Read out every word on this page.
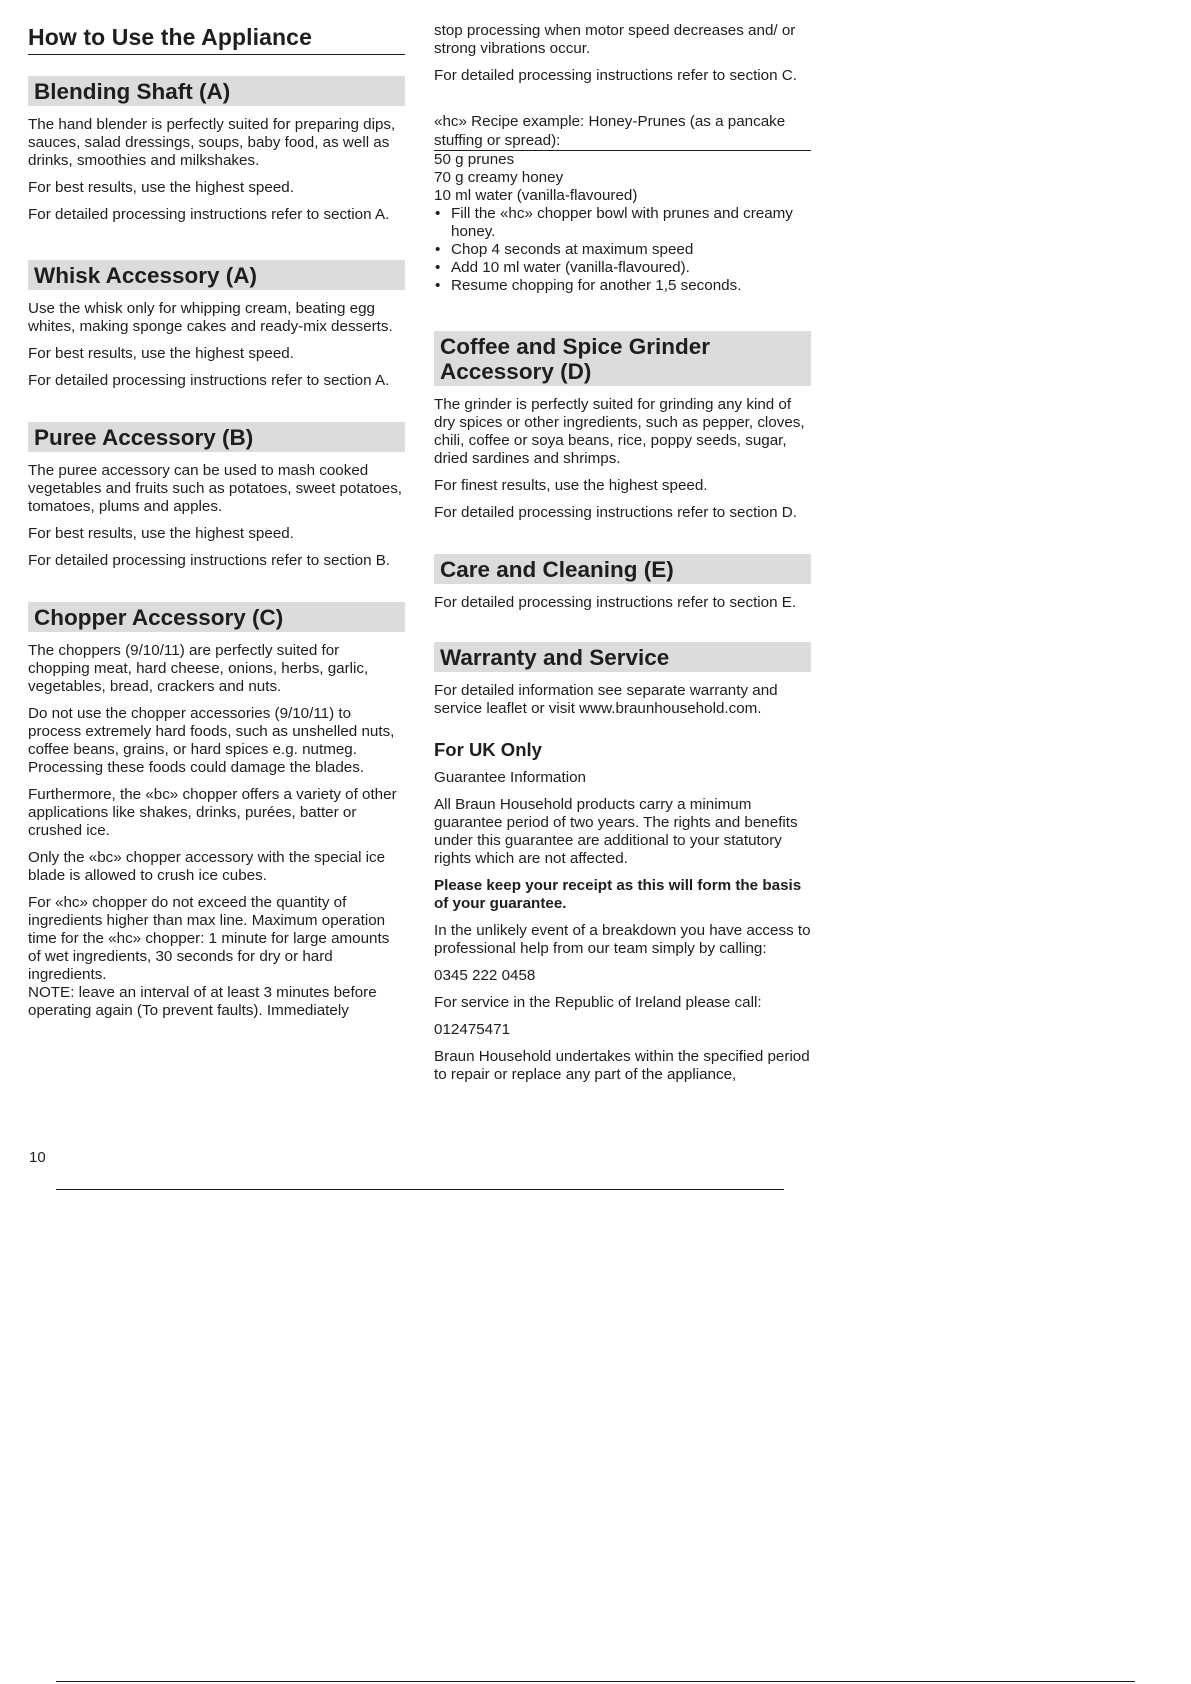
How to Use the Appliance
Blending Shaft (A)

The hand blender is perfectly suited for preparing dips, sauces, salad dressings, soups, baby food, as well as drinks, smoothies and milkshakes.

For best results, use the highest speed.

For detailed processing instructions refer to section A.

Whisk Accessory (A)

Use the whisk only for whipping cream, beating egg whites, making sponge cakes and ready-mix desserts.

For best results, use the highest speed.

For detailed processing instructions refer to section A.

Puree Accessory (B)

The puree accessory can be used to mash cooked vegetables and fruits such as potatoes, sweet potatoes, tomatoes, plums and apples.

For best results, use the highest speed.

For detailed processing instructions refer to section B.

Chopper Accessory (C)

The choppers (9/10/11) are perfectly suited for chopping meat, hard cheese, onions, herbs, garlic, vegetables, bread, crackers and nuts.

Do not use the chopper accessories (9/10/11) to process extremely hard foods, such as unshelled nuts, coffee beans, grains, or hard spices e.g. nutmeg. Processing these foods could damage the blades.

Furthermore, the «bc» chopper offers a variety of other applications like shakes, drinks, purées, batter or crushed ice.

Only the «bc» chopper accessory with the special ice blade is allowed to crush ice cubes.

For «hc» chopper do not exceed the quantity of ingredients higher than max line. Maximum operation time for the «hc» chopper: 1 minute for large amounts of wet ingredients, 30 seconds for dry or hard ingredients.

NOTE: leave an interval of at least 3 minutes before operating again (To prevent faults). Immediately

stop processing when motor speed decreases and/ or strong vibrations occur.

For detailed processing instructions refer to section C.

«hc» Recipe example: Honey-Prunes (as a pancake stuffing or spread):
50 g prunes
70 g creamy honey
10 ml water (vanilla-flavoured)
• Fill the «hc» chopper bowl with prunes and creamy honey.
• Chop 4 seconds at maximum speed
• Add 10 ml water (vanilla-flavoured).
• Resume chopping for another 1,5 seconds.
Coffee and Spice Grinder Accessory (D)

The grinder is perfectly suited for grinding any kind of dry spices or other ingredients, such as pepper, cloves, chili, coffee or soya beans, rice, poppy seeds, sugar, dried sardines and shrimps.

For finest results, use the highest speed.

For detailed processing instructions refer to section D.

Care and Cleaning (E)

For detailed processing instructions refer to section E.

Warranty and Service

For detailed information see separate warranty and service leaflet or visit www.braunhousehold.com.

For UK Only

Guarantee Information

All Braun Household products carry a minimum guarantee period of two years. The rights and benefits under this guarantee are additional to your statutory rights which are not affected.

Please keep your receipt as this will form the basis of your guarantee.

In the unlikely event of a breakdown you have access to professional help from our team simply by calling:

0345 222 0458

For service in the Republic of Ireland please call:

012475471

Braun Household undertakes within the specified period to repair or replace any part of the appliance,

10
